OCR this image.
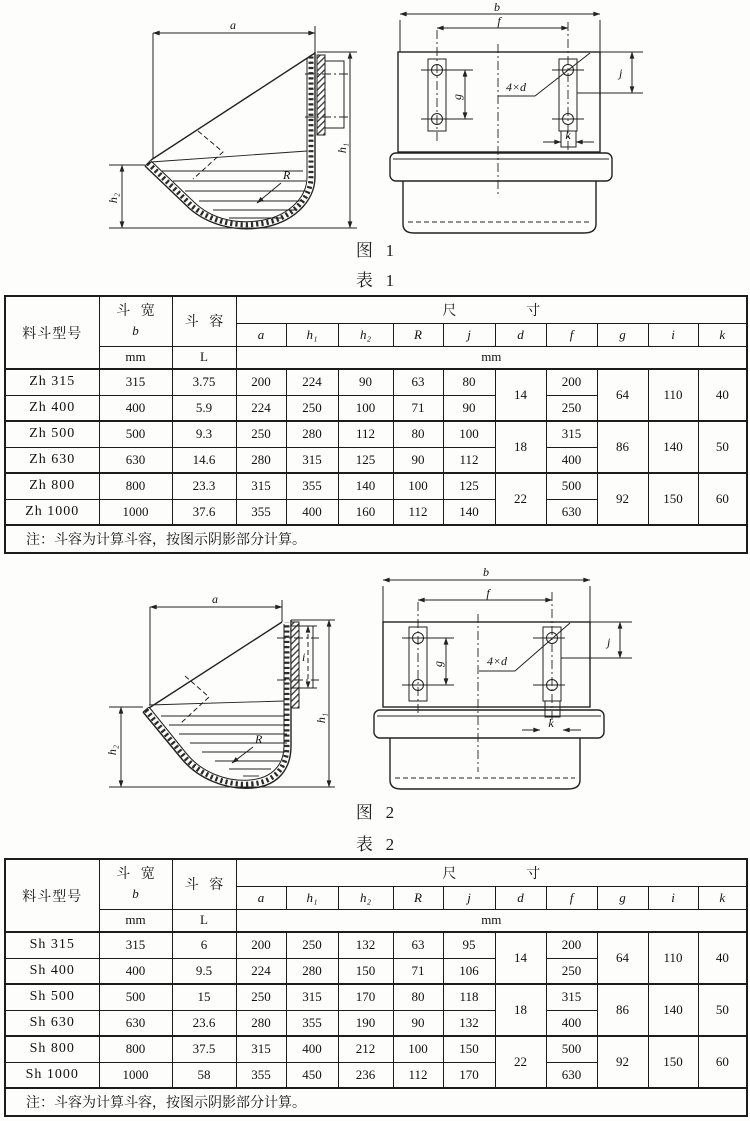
a
R
h₁
h₂
b
f
g
4×d
j
k
图   1
表   1
料斗型号	斗   宽
b	斗   容	尺                    寸									
			a	h₁	h₂	R	j	d	f	g	i	k
	mm	L	mm									
Zh 315	315	3.75	200	224	90	63	80	14	200	64	110	40
Zh 400	400	5.9	224	250	100	71	90		250			
Zh 500	500	9.3	250	280	112	80	100	18	315	86	140	50
Zh 630	630	14.6	280	315	125	90	112		400			
Zh 800	800	23.3	315	355	140	100	125	22	500	92	150	60
Zh 1000	1000	37.6	355	400	160	112	140		630			
注：斗容为计算斗容，按图示阴影部分计算。												
a
R
i
h₁
h₂
b
f
g	4×d
j
k
图   2
表   2
料斗型号	斗   宽
b	斗   容	尺                    寸									
			a	h₁	h₂	R	j	d	f	g	i	k
	mm	L	mm									
Sh 315	315	6	200	250	132	63	95	14	200	64	110	40
Sh 400	400	9.5	224	280	150	71	106		250			
Sh 500	500	15	250	315	170	80	118	18	315	86	140	50
Sh 630	630	23.6	280	355	190	90	132		400			
Sh 800	800	37.5	315	400	212	100	150	22	500	92	150	60
Sh 1000	1000	58	355	450	236	112	170		630			
注：斗容为计算斗容，按图示阴影部分计算。												
